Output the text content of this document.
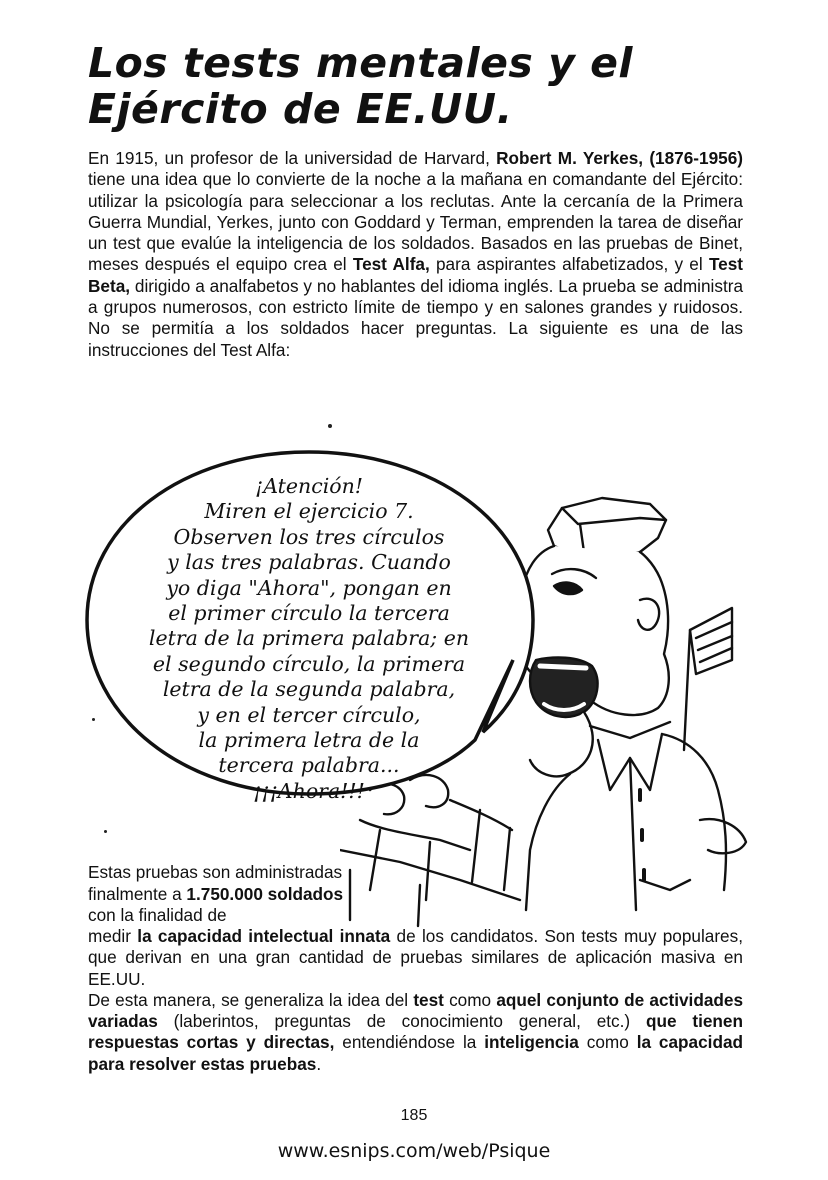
Los tests mentales y el Ejército de EE.UU.

En 1915, un profesor de la universidad de Harvard, Robert M. Yerkes, (1876-1956) tiene una idea que lo convierte de la noche a la mañana en comandante del Ejército: utilizar la psicología para seleccionar a los reclutas. Ante la cercanía de la Primera Guerra Mundial, Yerkes, junto con Goddard y Terman, emprenden la tarea de diseñar un test que evalúe la inteligencia de los soldados. Basados en las pruebas de Binet, meses después el equipo crea el Test Alfa, para aspirantes alfabetizados, y el Test Beta, dirigido a analfabetos y no hablantes del idioma inglés. La prueba se administra a grupos numerosos, con estricto límite de tiempo y en salones grandes y ruidosos. No se permitía a los soldados hacer preguntas. La siguiente es una de las instrucciones del Test Alfa:

¡Atención!
Miren el ejercicio 7.
Observen los tres círculos
y las tres palabras. Cuando
yo diga "Ahora", pongan en
el primer círculo la tercera
letra de la primera palabra; en
el segundo círculo, la primera
letra de la segunda palabra,
y en el tercer círculo,
la primera letra de la
tercera palabra...
¡¡¡Ahora!!!

Estas pruebas son administradas finalmente a 1.750.000 soldados con la finalidad de

medir la capacidad intelectual innata de los candidatos. Son tests muy populares, que derivan en una gran cantidad de pruebas similares de aplicación masiva en EE.UU.

De esta manera, se generaliza la idea del test como aquel conjunto de actividades variadas (laberintos, preguntas de conocimiento general, etc.) que tienen respuestas cortas y directas, entendiéndose la inteligencia como la capacidad para resolver estas pruebas.

185
www.esnips.com/web/Psique
